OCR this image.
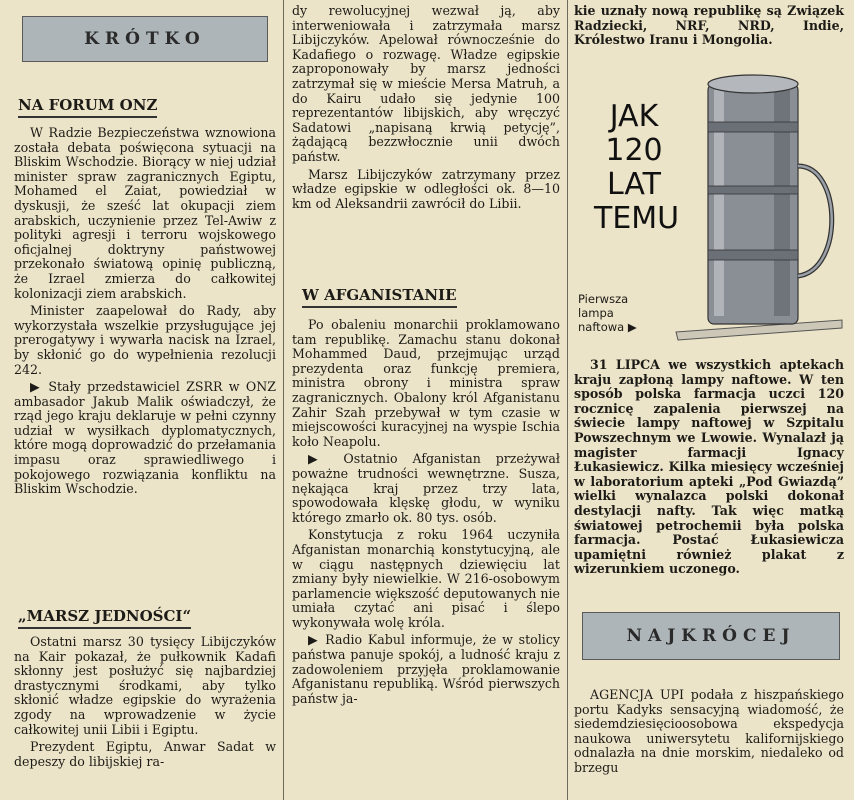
KRÓTKO
NA FORUM ONZ

W Radzie Bezpieczeństwa wznowiona została debata poświęcona sytuacji na Bliskim Wschodzie. Biorący w niej udział minister spraw zagranicznych Egiptu, Mohamed el Zaiat, powiedział w dyskusji, że sześć lat okupacji ziem arabskich, uczynienie przez Tel-Awiw z polityki agresji i terroru wojskowego oficjalnej doktryny państwowej przekonało światową opinię publiczną, że Izrael zmierza do całkowitej kolonizacji ziem arabskich.

Minister zaapelował do Rady, aby wykorzystała wszelkie przysługujące jej prerogatywy i wywarła nacisk na Izrael, by skłonić go do wypełnienia rezolucji 242.

▶ Stały przedstawiciel ZSRR w ONZ ambasador Jakub Malik oświadczył, że rząd jego kraju deklaruje w pełni czynny udział w wysiłkach dyplomatycznych, które mogą doprowadzić do przełamania impasu oraz sprawiedliwego i pokojowego rozwiązania konfliktu na Bliskim Wschodzie.

„MARSZ JEDNOŚCI“

Ostatni marsz 30 tysięcy Libijczyków na Kair pokazał, że pułkownik Kadafi skłonny jest posłużyć się najbardziej drastycznymi środkami, aby tylko skłonić władze egipskie do wyrażenia zgody na wprowadzenie w życie całkowitej unii Libii i Egiptu.

Prezydent Egiptu, Anwar Sadat w depeszy do libijskiej ra-

dy rewolucyjnej wezwał ją, aby interweniowała i zatrzymała marsz Libijczyków. Apelował równocześnie do Kadafiego o rozwagę. Władze egipskie zaproponowały by marsz jedności zatrzymał się w mieście Mersa Matruh, a do Kairu udało się jedynie 100 reprezentantów libijskich, aby wręczyć Sadatowi „napisaną krwią petycję”, żądającą bezzwłocznie unii dwóch państw.

Marsz Libijczyków zatrzymany przez władze egipskie w odległości ok. 8—10 km od Aleksandrii zawrócił do Libii.

W AFGANISTANIE

Po obaleniu monarchii proklamowano tam republikę. Zamachu stanu dokonał Mohammed Daud, przejmując urząd prezydenta oraz funkcję premiera, ministra obrony i ministra spraw zagranicznych. Obalony król Afganistanu Zahir Szah przebywał w tym czasie w miejscowości kuracyjnej na wyspie Ischia koło Neapolu.

▶ Ostatnio Afganistan przeżywał poważne trudności wewnętrzne. Susza, nękająca kraj przez trzy lata, spowodowała klęskę głodu, w wyniku którego zmarło ok. 80 tys. osób.

Konstytucja z roku 1964 uczyniła Afganistan monarchią konstytucyjną, ale w ciągu następnych dziewięciu lat zmiany były niewielkie. W 216-osobowym parlamencie większość deputowanych nie umiała czytać ani pisać i ślepo wykonywała wolę króla.

▶ Radio Kabul informuje, że w stolicy państwa panuje spokój, a ludność kraju z zadowoleniem przyjęła proklamowanie Afganistanu republiką. Wśród pierwszych państw ja-

kie uznały nową republikę są Związek Radziecki, NRF, NRD, Indie, Królestwo Iranu i Mongolia.

JAK
120
LAT
TEMU
Pierwsza
lampa
naftowa ▶

31 LIPCA we wszystkich aptekach kraju zapłoną lampy naftowe. W ten sposób polska farmacja uczci 120 rocznicę zapalenia pierwszej na świecie lampy naftowej w Szpitalu Powszechnym we Lwowie. Wynalazł ją magister farmacji Ignacy Łukasiewicz. Kilka miesięcy wcześniej w laboratorium apteki „Pod Gwiazdą” wielki wynalazca polski dokonał destylacji nafty. Tak więc matką światowej petrochemii była polska farmacja. Postać Łukasiewicza upamiętni również plakat z wizerunkiem uczonego.

NAJKRÓCEJ

AGENCJA UPI podała z hiszpańskiego portu Kadyks sensacyjną wiadomość, że siedemdziesięcioosobowa ekspedycja naukowa uniwersytetu kalifornijskiego odnalazła na dnie morskim, niedaleko od brzegu
